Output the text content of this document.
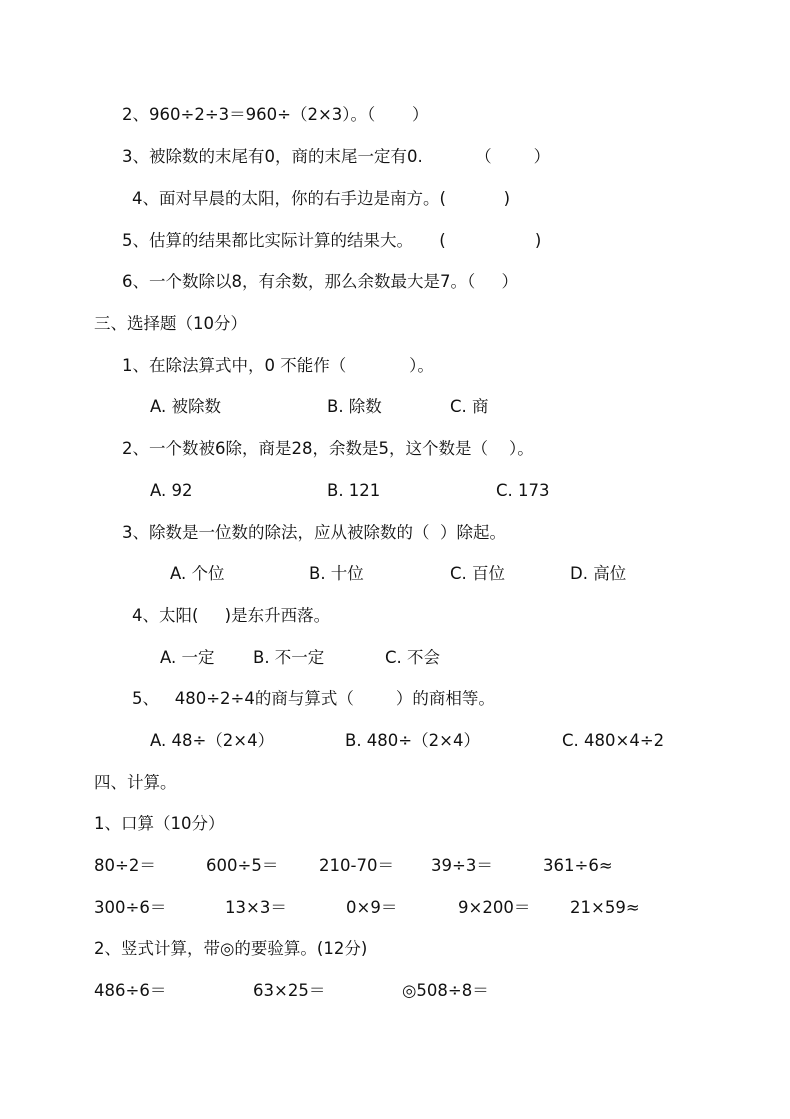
2、960÷2÷3＝960÷（2×3）。（       ）
3、被除数的末尾有0，商的末尾一定有0.          （        ）
4、面对早晨的太阳，你的右手边是南方。(           )
5、估算的结果都比实际计算的结果大。     (                 )
6、一个数除以8，有余数，那么余数最大是7。（     ）
三、选择题（10分）
1、在除法算式中，0 不能作（            ）。
A. 被除数	B. 除数	C. 商
2、一个数被6除，商是28，余数是5，这个数是（    ）。
A. 92	B. 121	C. 173
3、除数是一位数的除法，应从被除数的（  ）除起。
A. 个位	B. 十位	C. 百位	D. 高位
4、太阳(     )是东升西落。
A. 一定 B. 不一定	C. 不会
5、   480÷2÷4的商与算式（        ）的商相等。
A. 48÷（2×4）	B. 480÷（2×4）	C. 480×4÷2
四、计算。
1、口算（10分）
80÷2＝	600÷5＝ 210-70＝ 39÷3＝	361÷6≈
300÷6＝	13×3＝	0×9＝	9×200＝ 21×59≈
2、竖式计算，带◎的要验算。(12分)
486÷6＝	63×25＝	◎508÷8＝
